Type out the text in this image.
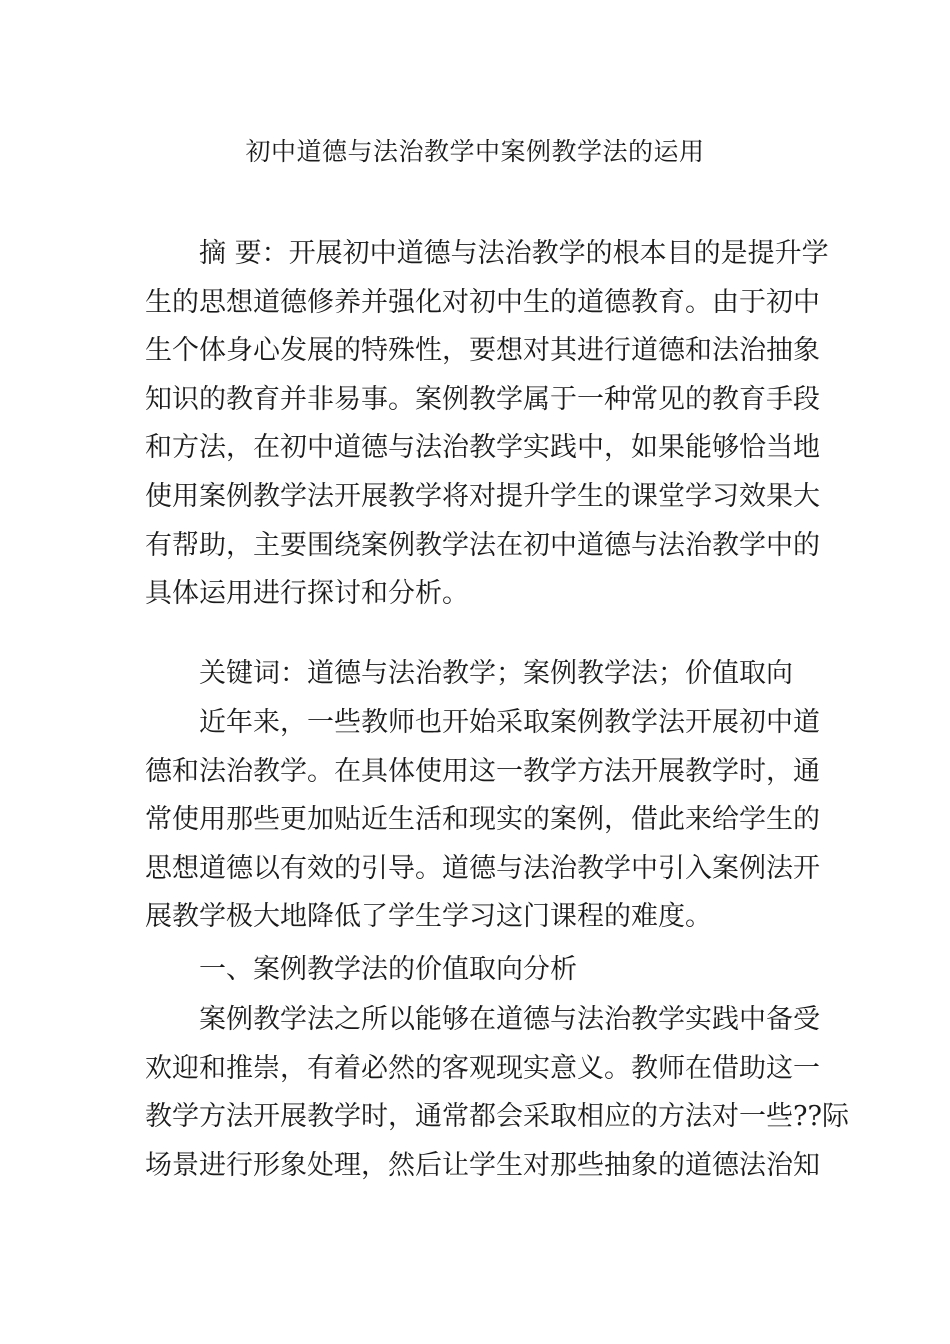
初中道德与法治教学中案例教学法的运用
摘 要：开展初中道德与法治教学的根本目的是提升学
生的思想道德修养并强化对初中生的道德教育。由于初中
生个体身心发展的特殊性，要想对其进行道德和法治抽象
知识的教育并非易事。案例教学属于一种常见的教育手段
和方法，在初中道德与法治教学实践中，如果能够恰当地
使用案例教学法开展教学将对提升学生的课堂学习效果大
有帮助，主要围绕案例教学法在初中道德与法治教学中的
具体运用进行探讨和分析。
关键词：道德与法治教学；案例教学法；价值取向
近年来，一些教师也开始采取案例教学法开展初中道
德和法治教学。在具体使用这一教学方法开展教学时，通
常使用那些更加贴近生活和现实的案例，借此来给学生的
思想道德以有效的引导。道德与法治教学中引入案例法开
展教学极大地降低了学生学习这门课程的难度。
一、案例教学法的价值取向分析
案例教学法之所以能够在道德与法治教学实践中备受
欢迎和推崇，有着必然的客观现实意义。教师在借助这一
教学方法开展教学时，通常都会采取相应的方法对一些??际
场景进行形象处理，然后让学生对那些抽象的道德法治知
